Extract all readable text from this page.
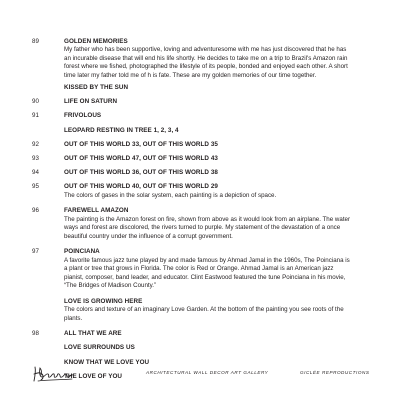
89	GOLDEN MEMORIES
My father who has been supportive, loving and adventuresome with me has just discovered that he has an incurable disease that will end his life shortly. He decides to take me on a trip to Brazil's Amazon rain forest where we fished, photographed the lifestyle of its people, bonded and enjoyed each other. A short time later my father told me of h is fate. These are my golden memories of our time together.
KISSED BY THE SUN
90	LIFE ON SATURN
91	FRIVOLOUS
LEOPARD RESTING IN TREE 1, 2, 3, 4
92	OUT OF THIS WORLD 33, OUT OF THIS WORLD 35
93	OUT OF THIS WORLD 47, OUT OF THIS WORLD 43
94	OUT OF THIS WORLD 36, OUT OF THIS WORLD 38
95	OUT OF THIS WORLD 40, OUT OF THIS WORLD 29
The colors of gases in the solar system, each painting is a depiction of space.
96	FAREWELL AMAZON
The painting is the Amazon forest on fire, shown from above as it would look from an airplane. The water ways and forest are discolored, the rivers turned to purple. My statement of the devastation of a once beautiful country under the influence of a corrupt government.
97	POINCIANA
A favorite famous jazz tune played by and made famous by Ahmad Jamal in the 1960s, The Poinciana is a plant or tree that grows in Florida. The color is Red or Orange. Ahmad Jamal is an American jazz pianist, composer, band leader, and educator. Clint Eastwood featured the tune Poinciana in his movie, “The Bridges of Madison County.”
LOVE IS GROWING HERE
The colors and texture of an imaginary Love Garden. At the bottom of the painting you see roots of the plants.
98	ALL THAT WE ARE
LOVE SURROUNDS US
KNOW THAT WE LOVE YOU
THE LOVE OF YOU
ARCHITECTURAL WALL DECOR ART GALLERY	GICLÉE REPRODUCTIONS
